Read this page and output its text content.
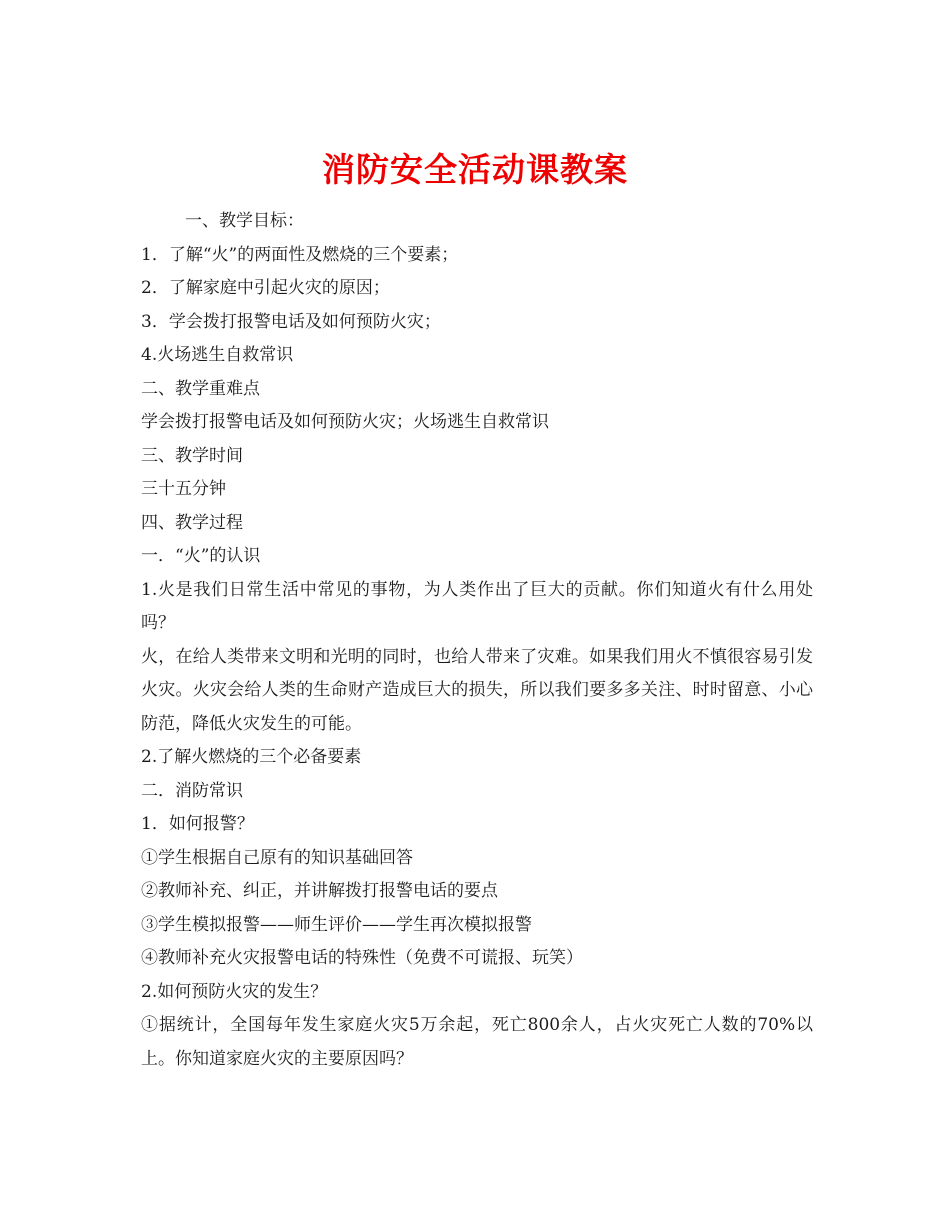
消防安全活动课教案

一、教学目标：

1．了解“火”的两面性及燃烧的三个要素；

2．了解家庭中引起火灾的原因；

3．学会拨打报警电话及如何预防火灾；

4.火场逃生自救常识

二、教学重难点

学会拨打报警电话及如何预防火灾；火场逃生自救常识

三、教学时间

三十五分钟

四、教学过程

一．“火”的认识

1.火是我们日常生活中常见的事物，为人类作出了巨大的贡献。你们知道火有什么用处吗？

火，在给人类带来文明和光明的同时，也给人带来了灾难。如果我们用火不慎很容易引发火灾。火灾会给人类的生命财产造成巨大的损失，所以我们要多多关注、时时留意、小心防范，降低火灾发生的可能。

2.了解火燃烧的三个必备要素

二．消防常识

1．如何报警？

①学生根据自己原有的知识基础回答

②教师补充、纠正，并讲解拨打报警电话的要点

③学生模拟报警——师生评价——学生再次模拟报警

④教师补充火灾报警电话的特殊性（免费不可谎报、玩笑）

2.如何预防火灾的发生？

①据统计，全国每年发生家庭火灾5万余起，死亡800余人，占火灾死亡人数的70%以上。你知道家庭火灾的主要原因吗？
